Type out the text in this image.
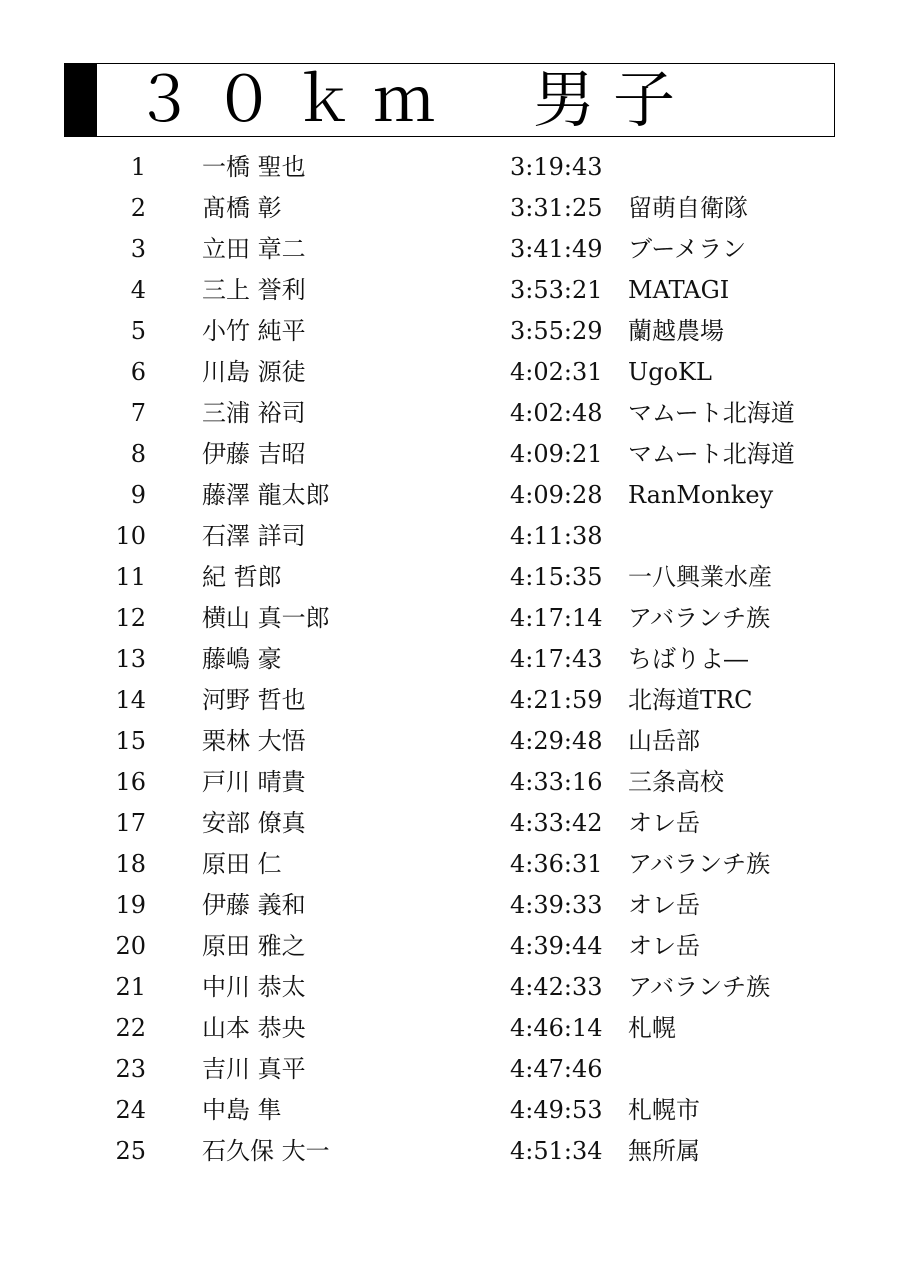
３０ｋｍ　男子
1 一橋 聖也	3:19:43
2 髙橋 彰	3:31:25 留萌自衛隊
3 立田 章二	3:41:49 ブーメラン
4 三上 誉利	3:53:21 MATAGI
5 小竹 純平	3:55:29 蘭越農場
6 川島 源徒	4:02:31 UgoKL
7 三浦 裕司	4:02:48 マムート北海道
8 伊藤 吉昭	4:09:21 マムート北海道
9 藤澤 龍太郎	4:09:28 RanMonkey
10 石澤 詳司	4:11:38
11 紀 哲郎	4:15:35 一八興業水産
12 横山 真一郎	4:17:14 アバランチ族
13 藤嶋 豪	4:17:43 ちばりよ―
14 河野 哲也	4:21:59 北海道TRC
15 栗林 大悟	4:29:48 山岳部
16 戸川 晴貴	4:33:16 三条高校
17 安部 僚真	4:33:42 オレ岳
18 原田 仁	4:36:31 アバランチ族
19 伊藤 義和	4:39:33 オレ岳
20 原田 雅之	4:39:44 オレ岳
21 中川 恭太	4:42:33 アバランチ族
22 山本 恭央	4:46:14 札幌
23 吉川 真平	4:47:46
24 中島 隼	4:49:53 札幌市
25 石久保 大一	4:51:34 無所属
